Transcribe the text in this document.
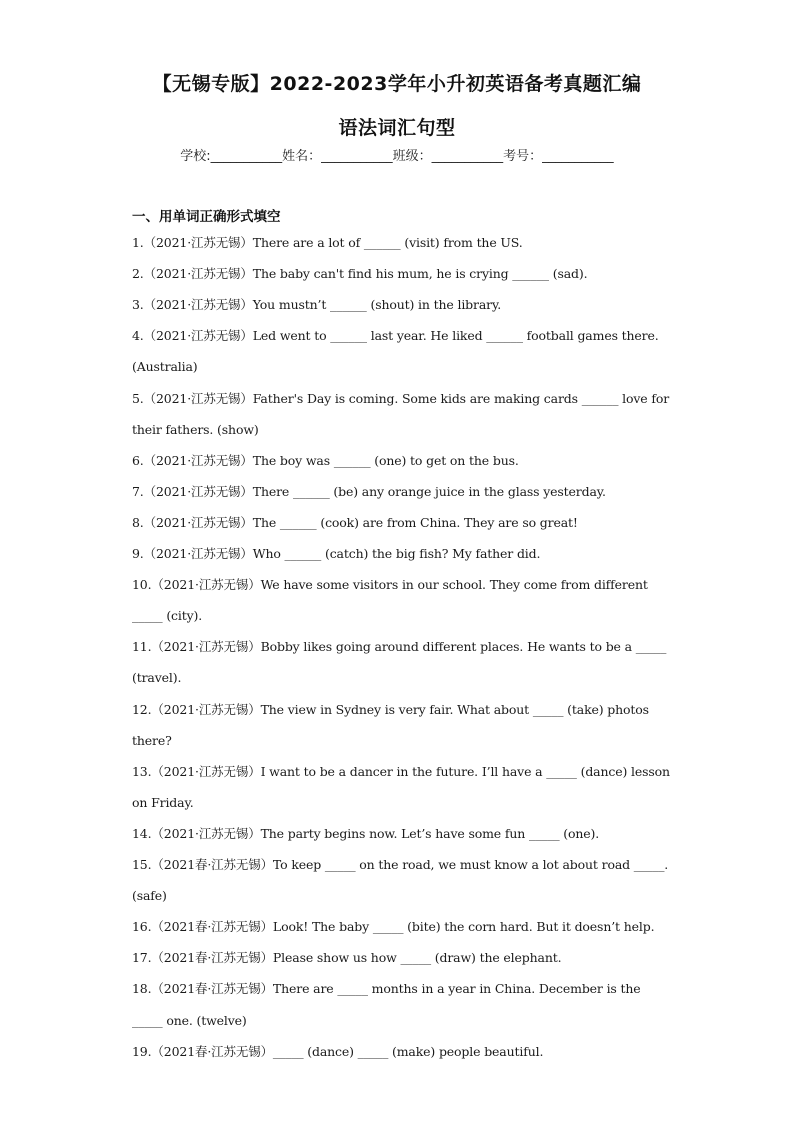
【无锡专版】2022-2023学年小升初英语备考真题汇编
语法词汇句型
学校:___________姓名：___________班级：___________考号：___________
一、用单词正确形式填空
1.（2021·江苏无锡）There are a lot of ______ (visit) from the US.
2.（2021·江苏无锡）The baby can't find his mum, he is crying ______ (sad).
3.（2021·江苏无锡）You mustn’t ______ (shout) in the library.
4.（2021·江苏无锡）Led went to ______ last year. He liked ______ football games there.
(Australia)
5.（2021·江苏无锡）Father's Day is coming. Some kids are making cards ______ love for
their fathers. (show)
6.（2021·江苏无锡）The boy was ______ (one) to get on the bus.
7.（2021·江苏无锡）There ______ (be) any orange juice in the glass yesterday.
8.（2021·江苏无锡）The ______ (cook) are from China. They are so great!
9.（2021·江苏无锡）Who ______ (catch) the big fish? My father did.
10.（2021·江苏无锡）We have some visitors in our school. They come from different
_____ (city).
11.（2021·江苏无锡）Bobby likes going around different places. He wants to be a _____
(travel).
12.（2021·江苏无锡）The view in Sydney is very fair. What about _____ (take) photos
there?
13.（2021·江苏无锡）I want to be a dancer in the future. I’ll have a _____ (dance) lesson
on Friday.
14.（2021·江苏无锡）The party begins now. Let’s have some fun _____ (one).
15.（2021春·江苏无锡）To keep _____ on the road, we must know a lot about road _____.
(safe)
16.（2021春·江苏无锡）Look! The baby _____ (bite) the corn hard. But it doesn’t help.
17.（2021春·江苏无锡）Please show us how _____ (draw) the elephant.
18.（2021春·江苏无锡）There are _____ months in a year in China. December is the
_____ one. (twelve)
19.（2021春·江苏无锡）_____ (dance) _____ (make) people beautiful.
